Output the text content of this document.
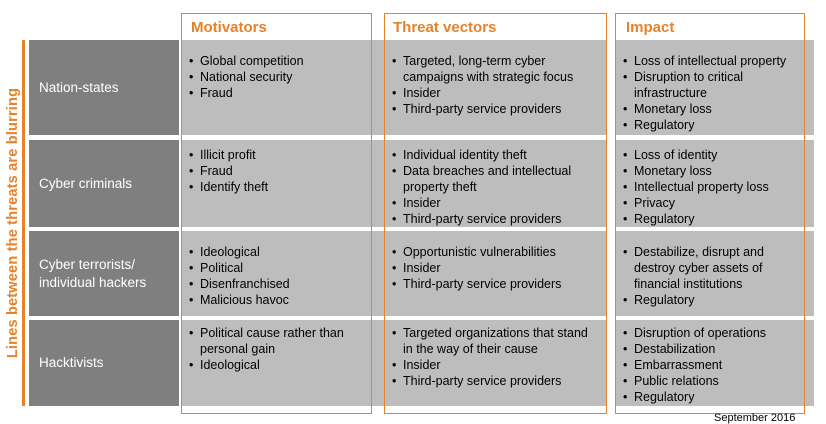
Lines between the threats are blurring
Nation-states
• Global competition
• National security
• Fraud
• Targeted, long-term cyber campaigns with strategic focus
• Insider
• Third-party service providers
• Loss of intellectual property
• Disruption to critical infrastructure
• Monetary loss
• Regulatory
Cyber criminals
• Illicit profit
• Fraud
• Identify theft
• Individual identity theft
• Data breaches and intellectual property theft
• Insider
• Third-party service providers
• Loss of identity
• Monetary loss
• Intellectual property loss
• Privacy
• Regulatory
Cyber terrorists/ individual hackers
• Ideological
• Political
• Disenfranchised
• Malicious havoc
• Opportunistic vulnerabilities
• Insider
• Third-party service providers
• Destabilize, disrupt and destroy cyber assets of financial institutions
• Regulatory
Hacktivists
• Political cause rather than personal gain
• Ideological
• Targeted organizations that stand in the way of their cause
• Insider
• Third-party service providers
• Disruption of operations
• Destabilization
• Embarrassment
• Public relations
• Regulatory
Motivators	Threat vectors	Impact
September 2016
